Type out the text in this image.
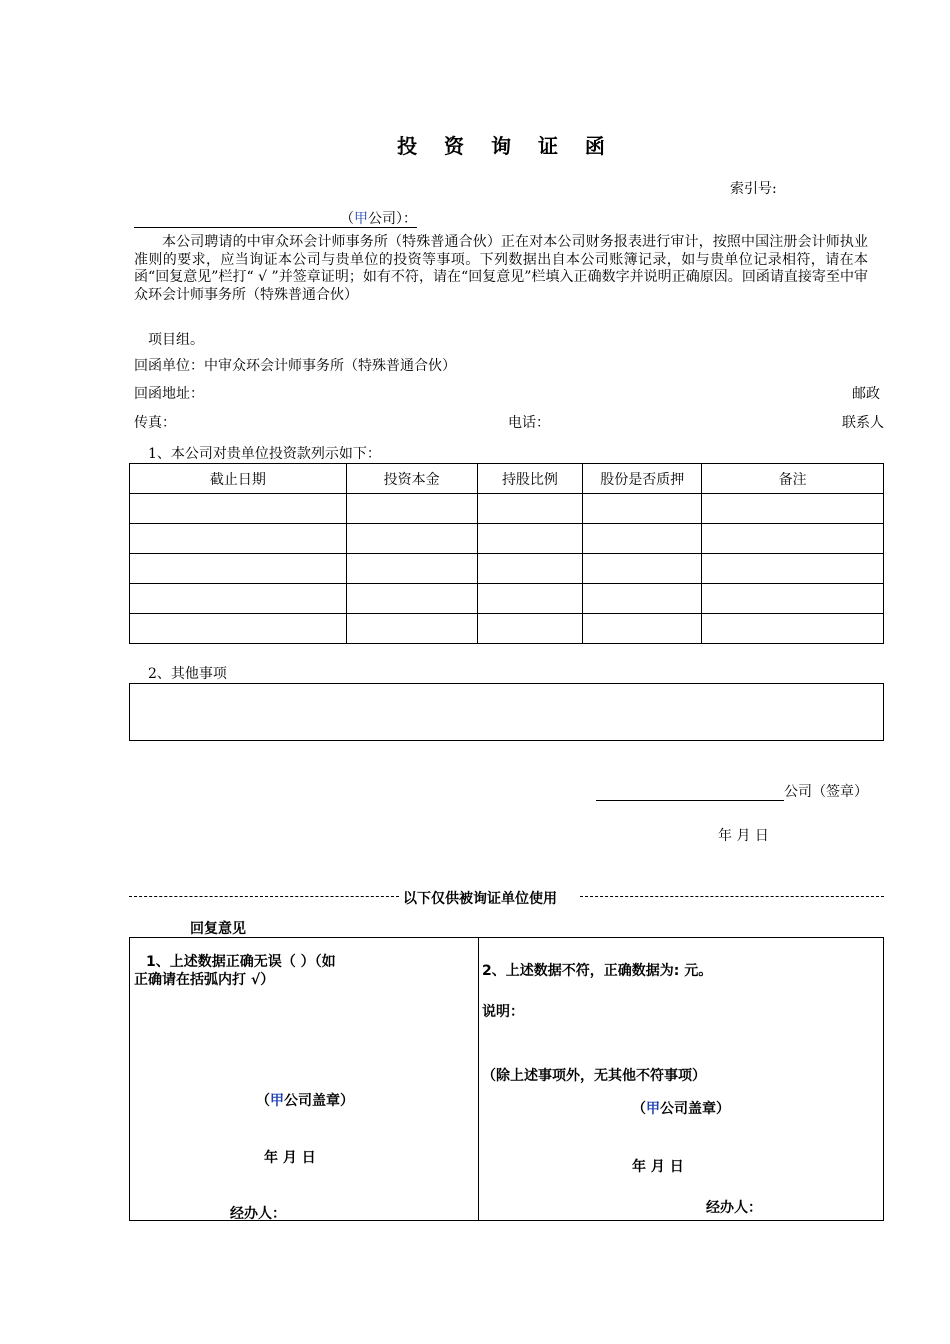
投 资 询 证 函
索引号:
（甲公司）：
本公司聘请的中审众环会计师事务所（特殊普通合伙）正在对本公司财务报表进行审计，按照中国注册会计师执业准则的要求，应当询证本公司与贵单位的投资等事项。下列数据出自本公司账簿记录，如与贵单位记录相符，请在本函“回复意见”栏打“ √ ”并签章证明；如有不符，请在“回复意见”栏填入正确数字并说明正确原因。回函请直接寄至中审众环会计师事务所（特殊普通合伙）
项目组。
回函单位：中审众环会计师事务所（特殊普通合伙）
回函地址：	邮政
传真：	电话：	联系人
1、本公司对贵单位投资款列示如下：
截止日期	投资本金	持股比例	股份是否质押	备注

2、其他事项
公司（签章）
年 月 日
以下仅供被询证单位使用
回复意见
1、上述数据正确无误（ ）（如
正确请在括弧内打 √）
（甲公司盖章）
年 月 日
经办人：
2、上述数据不符，正确数据为: 元。
说明：
（除上述事项外，无其他不符事项）
（甲公司盖章）
年 月 日
经办人：
